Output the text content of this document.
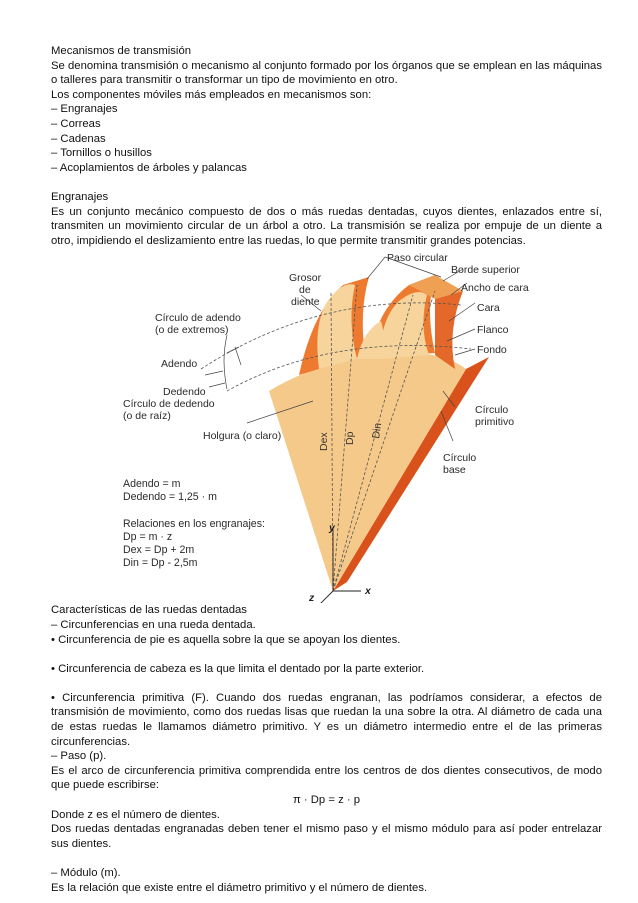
Mecanismos de transmisión

Se denomina transmisión o mecanismo al conjunto formado por los órganos que se emplean en las máquinas o talleres para transmitir o transformar un tipo de movimiento en otro.

Los componentes móviles más empleados en mecanismos son:

– Engranajes

– Correas

– Cadenas

– Tornillos o husillos

– Acoplamientos de árboles y palancas

Engranajes

Es un conjunto mecánico compuesto de dos o más ruedas dentadas, cuyos dientes, enlazados entre sí, transmiten un movimiento circular de un árbol a otro. La transmisión se realiza por empuje de un diente a otro, impidiendo el deslizamiento entre las ruedas, lo que permite transmitir grandes potencias.

y
x
z
Dex Dp Din
Paso circular
Grosor
de
diente
Borde superior
Ancho de cara
Cara
Flanco
Fondo
Círculo de adendo
(o de extremos)
Adendo
Dedendo
Círculo de dedendo
(o de raíz)
Holgura (o claro)
Círculo
primitivo
Círculo
base
Adendo = m
Dedendo = 1,25 · m
Relaciones en los engranajes:
Dp = m · z
Dex = Dp + 2m
Din = Dp - 2,5m

Características de las ruedas dentadas

– Circunferencias en una rueda dentada.

• Circunferencia de pie es aquella sobre la que se apoyan los dientes.

• Circunferencia de cabeza es la que limita el dentado por la parte exterior.

• Circunferencia primitiva (F). Cuando dos ruedas engranan, las podríamos considerar, a efectos de transmisión de movimiento, como dos ruedas lisas que ruedan la una sobre la otra. Al diámetro de cada una de estas ruedas le llamamos diámetro primitivo. Y es un diámetro intermedio entre el de las primeras circunferencias.

– Paso (p).

Es el arco de circunferencia primitiva comprendida entre los centros de dos dientes consecutivos, de modo que puede escribirse:

π · Dp = z · p

Donde z es el número de dientes.

Dos ruedas dentadas engranadas deben tener el mismo paso y el mismo módulo para así poder entrelazar sus dientes.

– Módulo (m).

Es la relación que existe entre el diámetro primitivo y el número de dientes.
